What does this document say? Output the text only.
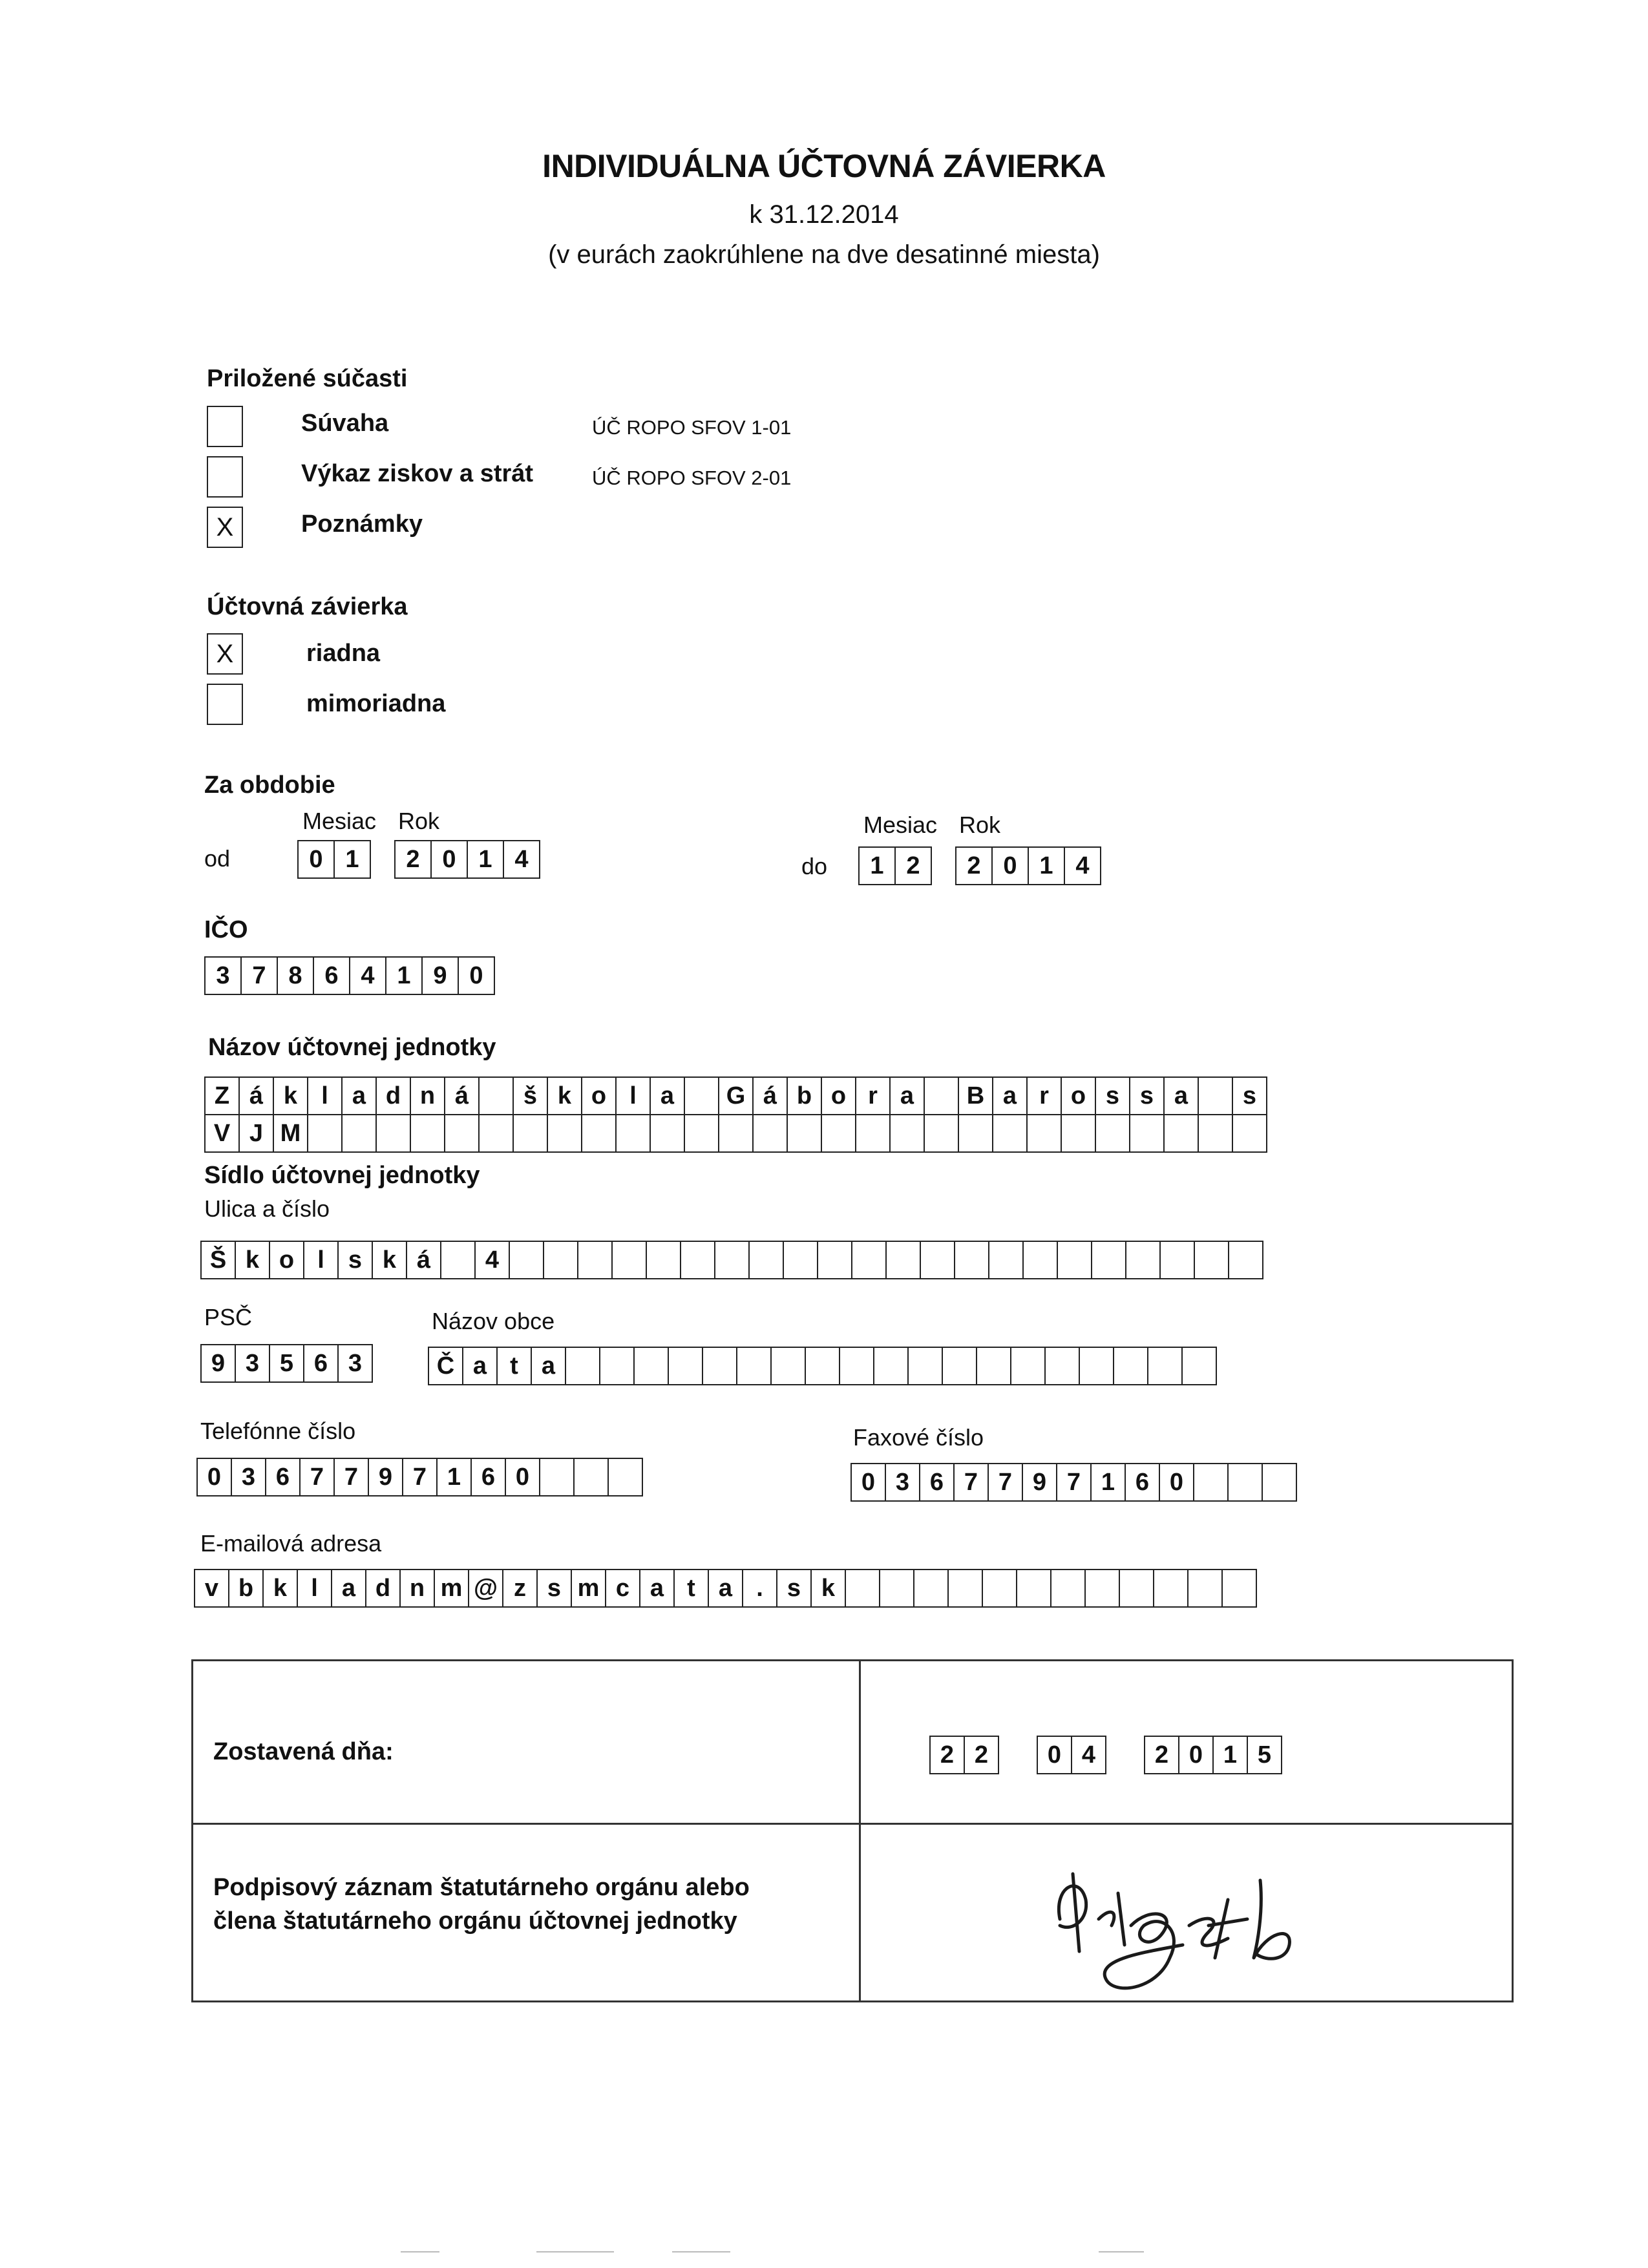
INDIVIDUÁLNA ÚČTOVNÁ ZÁVIERKA
k 31.12.2014
(v eurách zaokrúhlene na dve desatinné miesta)
Priložené súčasti
Súvaha	ÚČ ROPO SFOV 1-01
Výkaz ziskov a strát	ÚČ ROPO SFOV 2-01
X	Poznámky
Účtovná závierka
X	riadna
mimoriadna
Za obdobie
Mesiac Rok
od	0 1	2 0 1 4
Mesiac Rok
do	1 2	2 0 1 4
IČO
3 7 8 6 4 1 9 0
Názov účtovnej jednotky
Z á k l a d n á	š k o l a	G á b o r a	B a r o s s a	s
V J M
Sídlo účtovnej jednotky
Ulica a číslo
Š k o l s k á	4
PSČ	Názov obce
9 3 5 6 3	Č a t a
Telefónne číslo
0 3 6 7 7 9 7 1 6 0
Faxové číslo
0 3 6 7 7 9 7 1 6 0
E-mailová adresa
v b k l a d n m @ z s m c a t a . s k
Zostavená dňa:	2 2	0 4	2 0 1 5
Podpisový záznam štatutárneho orgánu alebo
člena štatutárneho orgánu účtovnej jednotky
